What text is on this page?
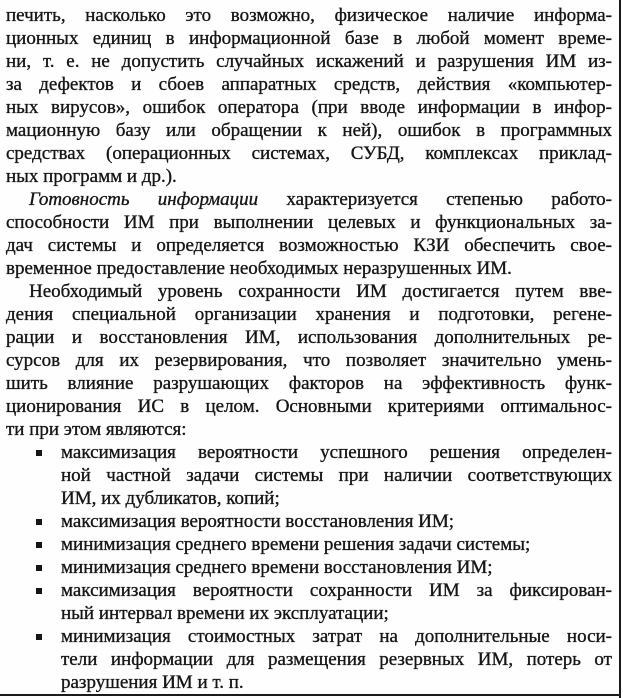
печить, насколько это возможно, физическое наличие информа-
ционных единиц в информационной базе в любой момент време-
ни, т. е. не допустить случайных искажений и разрушения ИМ из-
за дефектов и сбоев аппаратных средств, действия «компьютер-
ных вирусов», ошибок оператора (при вводе информации в инфор-
мационную базу или обращении к ней), ошибок в программных
средствах (операционных системах, СУБД, комплексах приклад-
ных программ и др.).
Готовность информации характеризуется степенью работо-
способности ИМ при выполнении целевых и функциональных за-
дач системы и определяется возможностью КЗИ обеспечить свое-
временное предоставление необходимых неразрушенных ИМ.
Необходимый уровень сохранности ИМ достигается путем вве-
дения специальной организации хранения и подготовки, регене-
рации и восстановления ИМ, использования дополнительных ре-
сурсов для их резервирования, что позволяет значительно умень-
шить влияние разрушающих факторов на эффективность функ-
ционирования ИС в целом. Основными критериями оптимальнос-
ти при этом являются:
максимизация вероятности успешного решения определен-
ной частной задачи системы при наличии соответствующих
ИМ, их дубликатов, копий;
максимизация вероятности восстановления ИМ;
минимизация среднего времени решения задачи системы;
минимизация среднего времени восстановления ИМ;
максимизация вероятности сохранности ИМ за фиксирован-
ный интервал времени их эксплуатации;
минимизация стоимостных затрат на дополнительные носи-
тели информации для размещения резервных ИМ, потерь от
разрушения ИМ и т. п.
